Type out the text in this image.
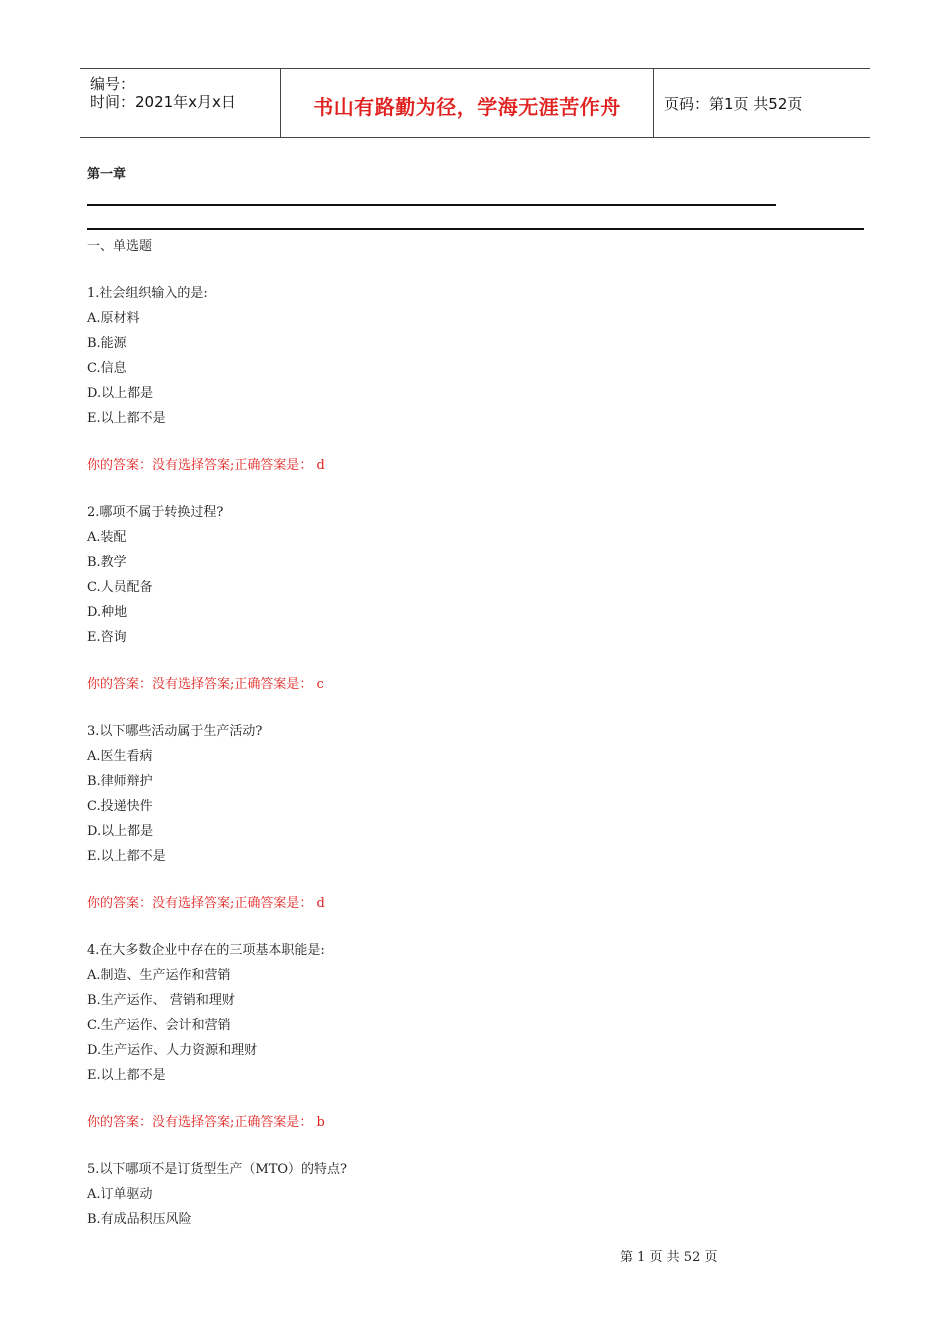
编号：
时间：2021年x月x日	书山有路勤为径，学海无涯苦作舟	页码：第1页 共52页
第一章
一、单选题
1.社会组织输入的是:
A.原材料
B.能源
C.信息
D.以上都是
E.以上都不是
你的答案：没有选择答案;正确答案是： d
2.哪项不属于转换过程?
A.装配
B.教学
C.人员配备
D.种地
E.咨询
你的答案：没有选择答案;正确答案是： c
3.以下哪些活动属于生产活动?
A.医生看病
B.律师辩护
C.投递快件
D.以上都是
E.以上都不是
你的答案：没有选择答案;正确答案是： d
4.在大多数企业中存在的三项基本职能是:
A.制造、生产运作和营销
B.生产运作、 营销和理财
C.生产运作、会计和营销
D.生产运作、人力资源和理财
E.以上都不是
你的答案：没有选择答案;正确答案是： b
5.以下哪项不是订货型生产（MTO）的特点?
A.订单驱动
B.有成品积压风险
第 1 页 共 52 页
